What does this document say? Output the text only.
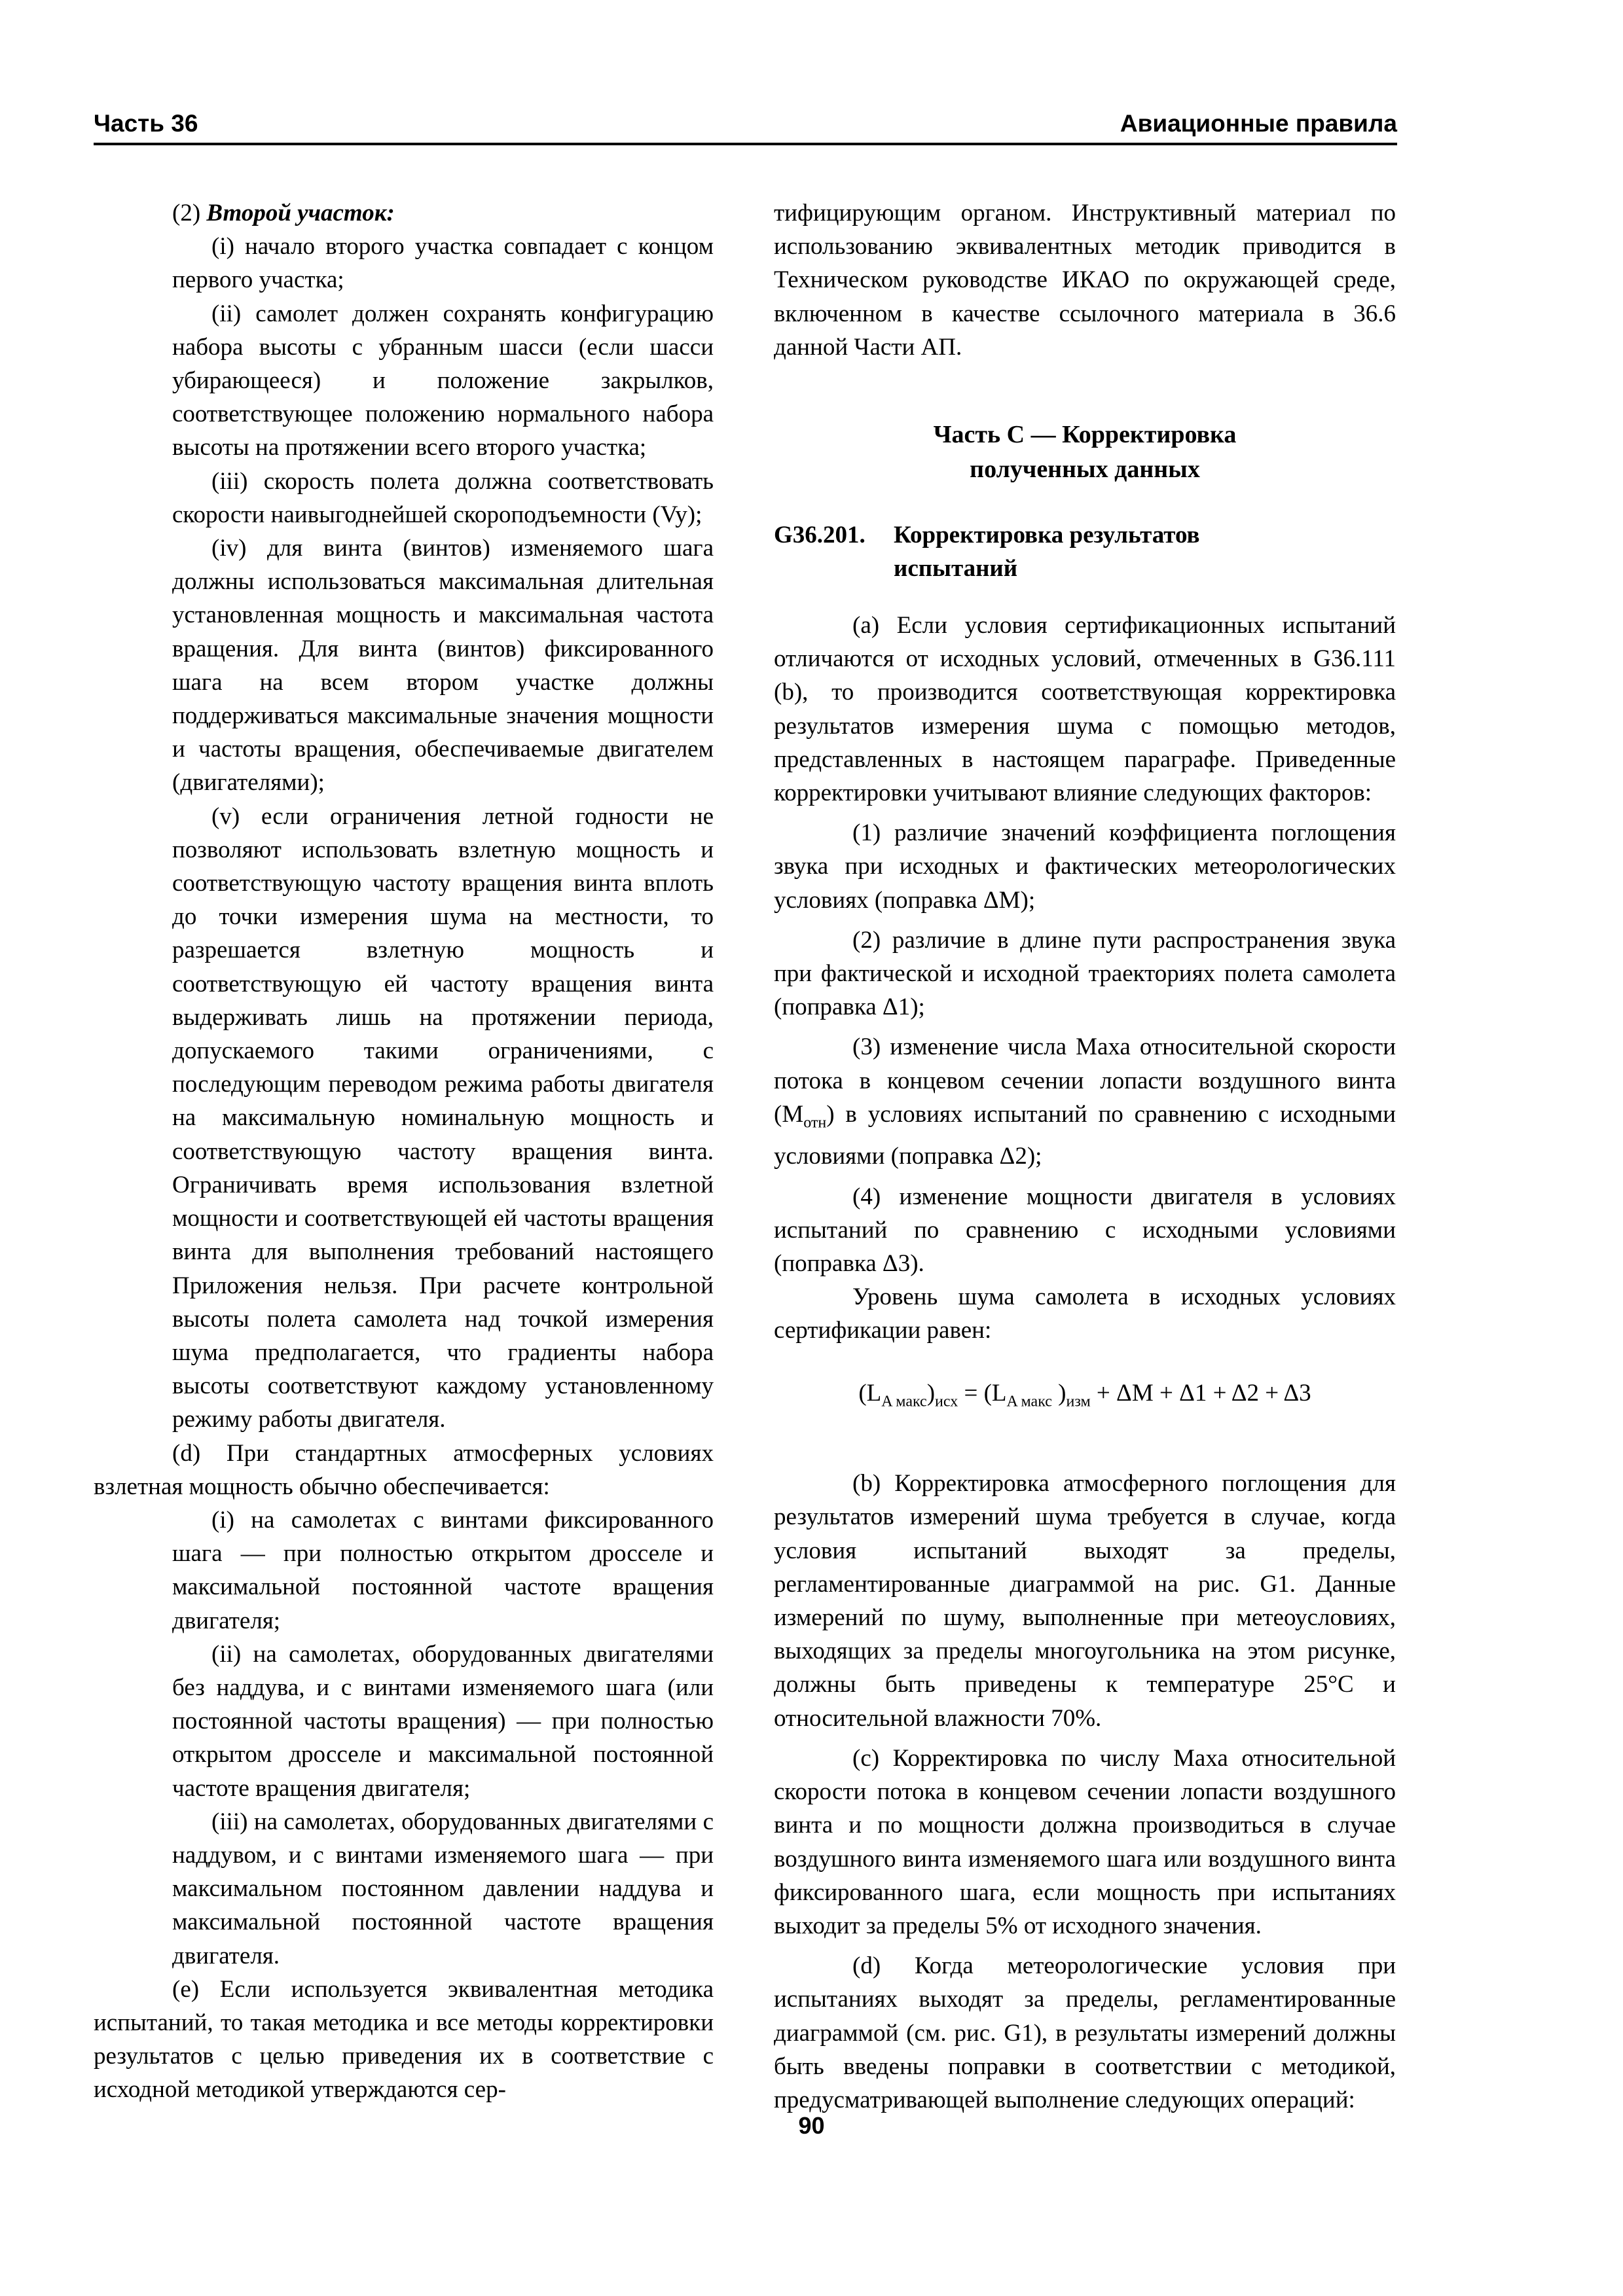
Часть 36	Авиационные правила

(2) Второй участок:

(i) начало второго участка совпадает с концом первого участка;

(ii) самолет должен сохранять конфигурацию набора высоты с убранным шасси (если шасси убирающееся) и положение закрылков, соответствующее положению нормального набора высоты на протяжении всего второго участка;

(iii) скорость полета должна соответствовать скорости наивыгоднейшей скороподъемности (Vy);

(iv) для винта (винтов) изменяемого шага должны использоваться максимальная длительная установленная мощность и максимальная частота вращения. Для винта (винтов) фиксированного шага на всем втором участке должны поддерживаться максимальные значения мощности и частоты вращения, обеспечиваемые двигателем (двигателями);

(v) если ограничения летной годности не позволяют использовать взлетную мощность и соответствующую частоту вращения винта вплоть до точки измерения шума на местности, то разрешается взлетную мощность и соответствующую ей частоту вращения винта выдерживать лишь на протяжении периода, допускаемого такими ограничениями, с последующим переводом режима работы двигателя на максимальную номинальную мощность и соответствующую частоту вращения винта. Ограничивать время использования взлетной мощности и соответствующей ей частоты вращения винта для выполнения требований настоящего Приложения нельзя. При расчете контрольной высоты полета самолета над точкой измерения шума предполагается, что градиенты набора высоты соответствуют каждому установленному режиму работы двигателя.

(d) При стандартных атмосферных условиях взлетная мощность обычно обеспечивается:

(i) на самолетах с винтами фиксированного шага — при полностью открытом дросселе и максимальной постоянной частоте вращения двигателя;

(ii) на самолетах, оборудованных двигателями без наддува, и с винтами изменяемого шага (или постоянной частоты вращения) — при полностью открытом дросселе и максимальной постоянной частоте вращения двигателя;

(iii) на самолетах, оборудованных двигателями с наддувом, и с винтами изменяемого шага — при максимальном постоянном давлении наддува и максимальной постоянной частоте вращения двигателя.

(e) Если используется эквивалентная методика испытаний, то такая методика и все методы корректировки результатов с целью приведения их в соответствие с исходной методикой утверждаются сер-

тифицирующим органом. Инструктивный материал по использованию эквивалентных методик приводится в Техническом руководстве ИКАО по окружающей среде, включенном в качестве ссылочного материала в 36.6 данной Части АП.

Часть С — Корректировка
полученных данных

G36.201.	Корректировка результатов
испытаний

(a) Если условия сертификационных испытаний отличаются от исходных условий, отмеченных в G36.111 (b), то производится соответствующая корректировка результатов измерения шума с помощью методов, представленных в настоящем параграфе. Приведенные корректировки учитывают влияние следующих факторов:

(1) различие значений коэффициента поглощения звука при исходных и фактических метеорологических условиях (поправка ΔM);

(2) различие в длине пути распространения звука при фактической и исходной траекториях полета самолета (поправка Δ1);

(3) изменение числа Маха относительной скорости потока в концевом сечении лопасти воздушного винта $(M_{отн})$ в условиях испытаний по сравнению с исходными условиями (поправка Δ2);

(4) изменение мощности двигателя в условиях испытаний по сравнению с исходными условиями (поправка Δ3).

Уровень шума самолета в исходных условиях сертификации равен:

$(L_{A макс})_{исх} = (L_{A макс}$ )$_{изм} + \Delta M + \Delta 1 + \Delta 2 + \Delta 3$

(b) Корректировка атмосферного поглощения для результатов измерений шума требуется в случае, когда условия испытаний выходят за пределы, регламентированные диаграммой на рис. G1. Данные измерений по шуму, выполненные при метеоусловиях, выходящих за пределы многоугольника на этом рисунке, должны быть приведены к температуре 25°C и относительной влажности 70%.

(c) Корректировка по числу Маха относительной скорости потока в концевом сечении лопасти воздушного винта и по мощности должна производиться в случае воздушного винта изменяемого шага или воздушного винта фиксированного шага, если мощность при испытаниях выходит за пределы 5% от исходного значения.

(d) Когда метеорологические условия при испытаниях выходят за пределы, регламентированные диаграммой (см. рис. G1), в результаты измерений должны быть введены поправки в соответствии с методикой, предусматривающей выполнение следующих операций:

90
